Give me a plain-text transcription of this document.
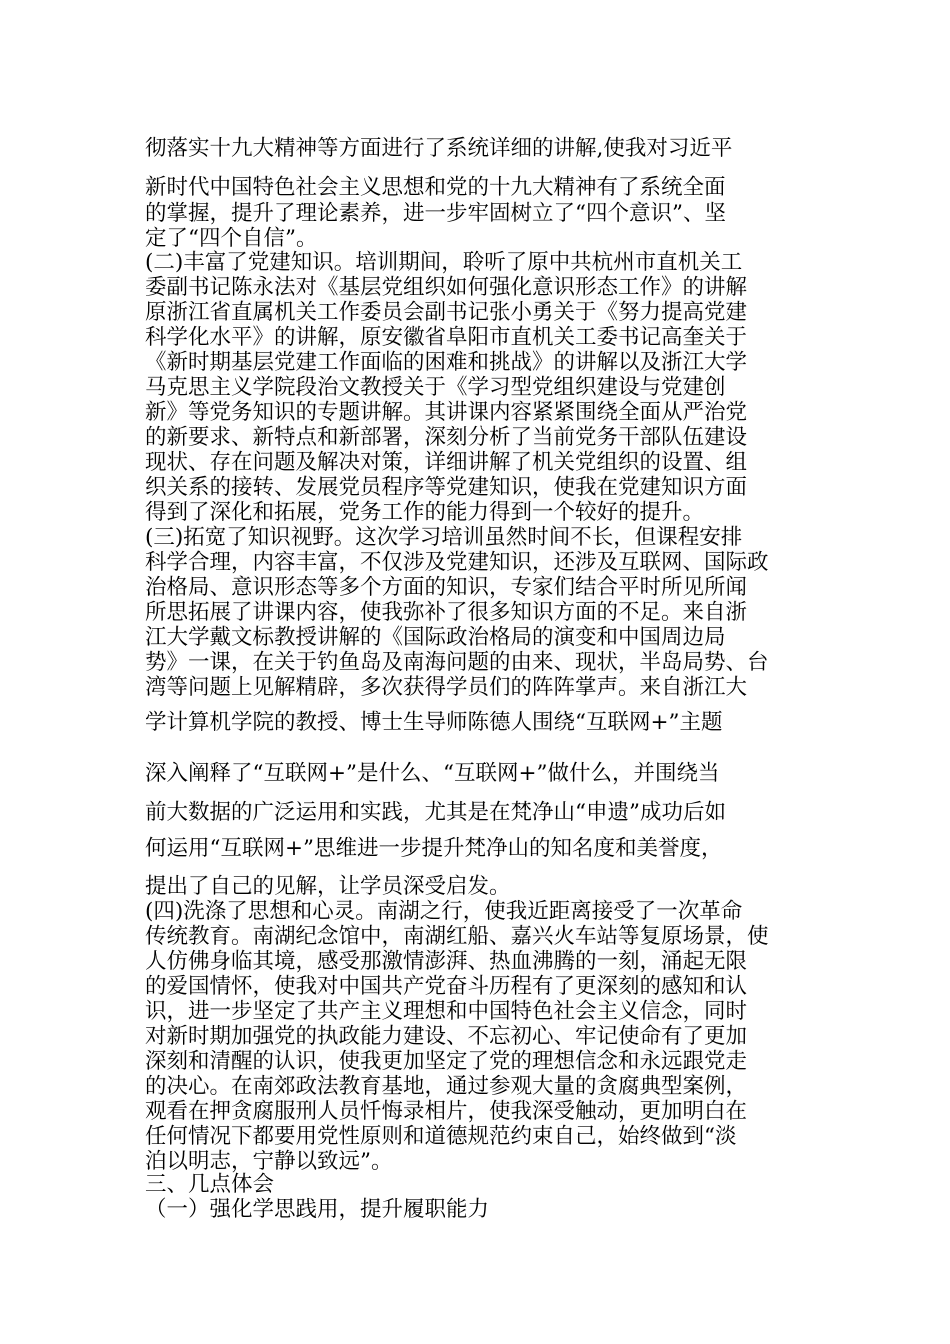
彻落实十九大精神等方面进行了系统详细的讲解,使我对习近平
新时代中国特色社会主义思想和党的十九大精神有了系统全面
的掌握，提升了理论素养，进一步牢固树立了“四个意识”、坚
定了“四个自信”。
(二)丰富了党建知识。培训期间，聆听了原中共杭州市直机关工
委副书记陈永法对《基层党组织如何强化意识形态工作》的讲解
原浙江省直属机关工作委员会副书记张小勇关于《努力提高党建
科学化水平》的讲解，原安徽省阜阳市直机关工委书记高奎关于
《新时期基层党建工作面临的困难和挑战》的讲解以及浙江大学
马克思主义学院段治文教授关于《学习型党组织建设与党建创
新》等党务知识的专题讲解。其讲课内容紧紧围绕全面从严治党
的新要求、新特点和新部署，深刻分析了当前党务干部队伍建设
现状、存在问题及解决对策，详细讲解了机关党组织的设置、组
织关系的接转、发展党员程序等党建知识，使我在党建知识方面
得到了深化和拓展，党务工作的能力得到一个较好的提升。
(三)拓宽了知识视野。这次学习培训虽然时间不长，但课程安排
科学合理，内容丰富，不仅涉及党建知识，还涉及互联网、国际政
治格局、意识形态等多个方面的知识，专家们结合平时所见所闻
所思拓展了讲课内容，使我弥补了很多知识方面的不足。来自浙
江大学戴文标教授讲解的《国际政治格局的演变和中国周边局
势》一课，在关于钓鱼岛及南海问题的由来、现状，半岛局势、台
湾等问题上见解精辟，多次获得学员们的阵阵掌声。来自浙江大
学计算机学院的教授、博士生导师陈德人围绕“互联网+”主题
深入阐释了“互联网+”是什么、“互联网+”做什么，并围绕当
前大数据的广泛运用和实践，尤其是在梵净山“申遗”成功后如
何运用“互联网+”思维进一步提升梵净山的知名度和美誉度，
提出了自己的见解，让学员深受启发。
(四)洗涤了思想和心灵。南湖之行，使我近距离接受了一次革命
传统教育。南湖纪念馆中，南湖红船、嘉兴火车站等复原场景，使
人仿佛身临其境，感受那激情澎湃、热血沸腾的一刻，涌起无限
的爱国情怀，使我对中国共产党奋斗历程有了更深刻的感知和认
识，进一步坚定了共产主义理想和中国特色社会主义信念，同时
对新时期加强党的执政能力建设、不忘初心、牢记使命有了更加
深刻和清醒的认识，使我更加坚定了党的理想信念和永远跟党走
的决心。在南郊政法教育基地，通过参观大量的贪腐典型案例，
观看在押贪腐服刑人员忏悔录相片，使我深受触动，更加明白在
任何情况下都要用党性原则和道德规范约束自己，始终做到“淡
泊以明志，宁静以致远”。
三、几点体会
（一）强化学思践用，提升履职能力
